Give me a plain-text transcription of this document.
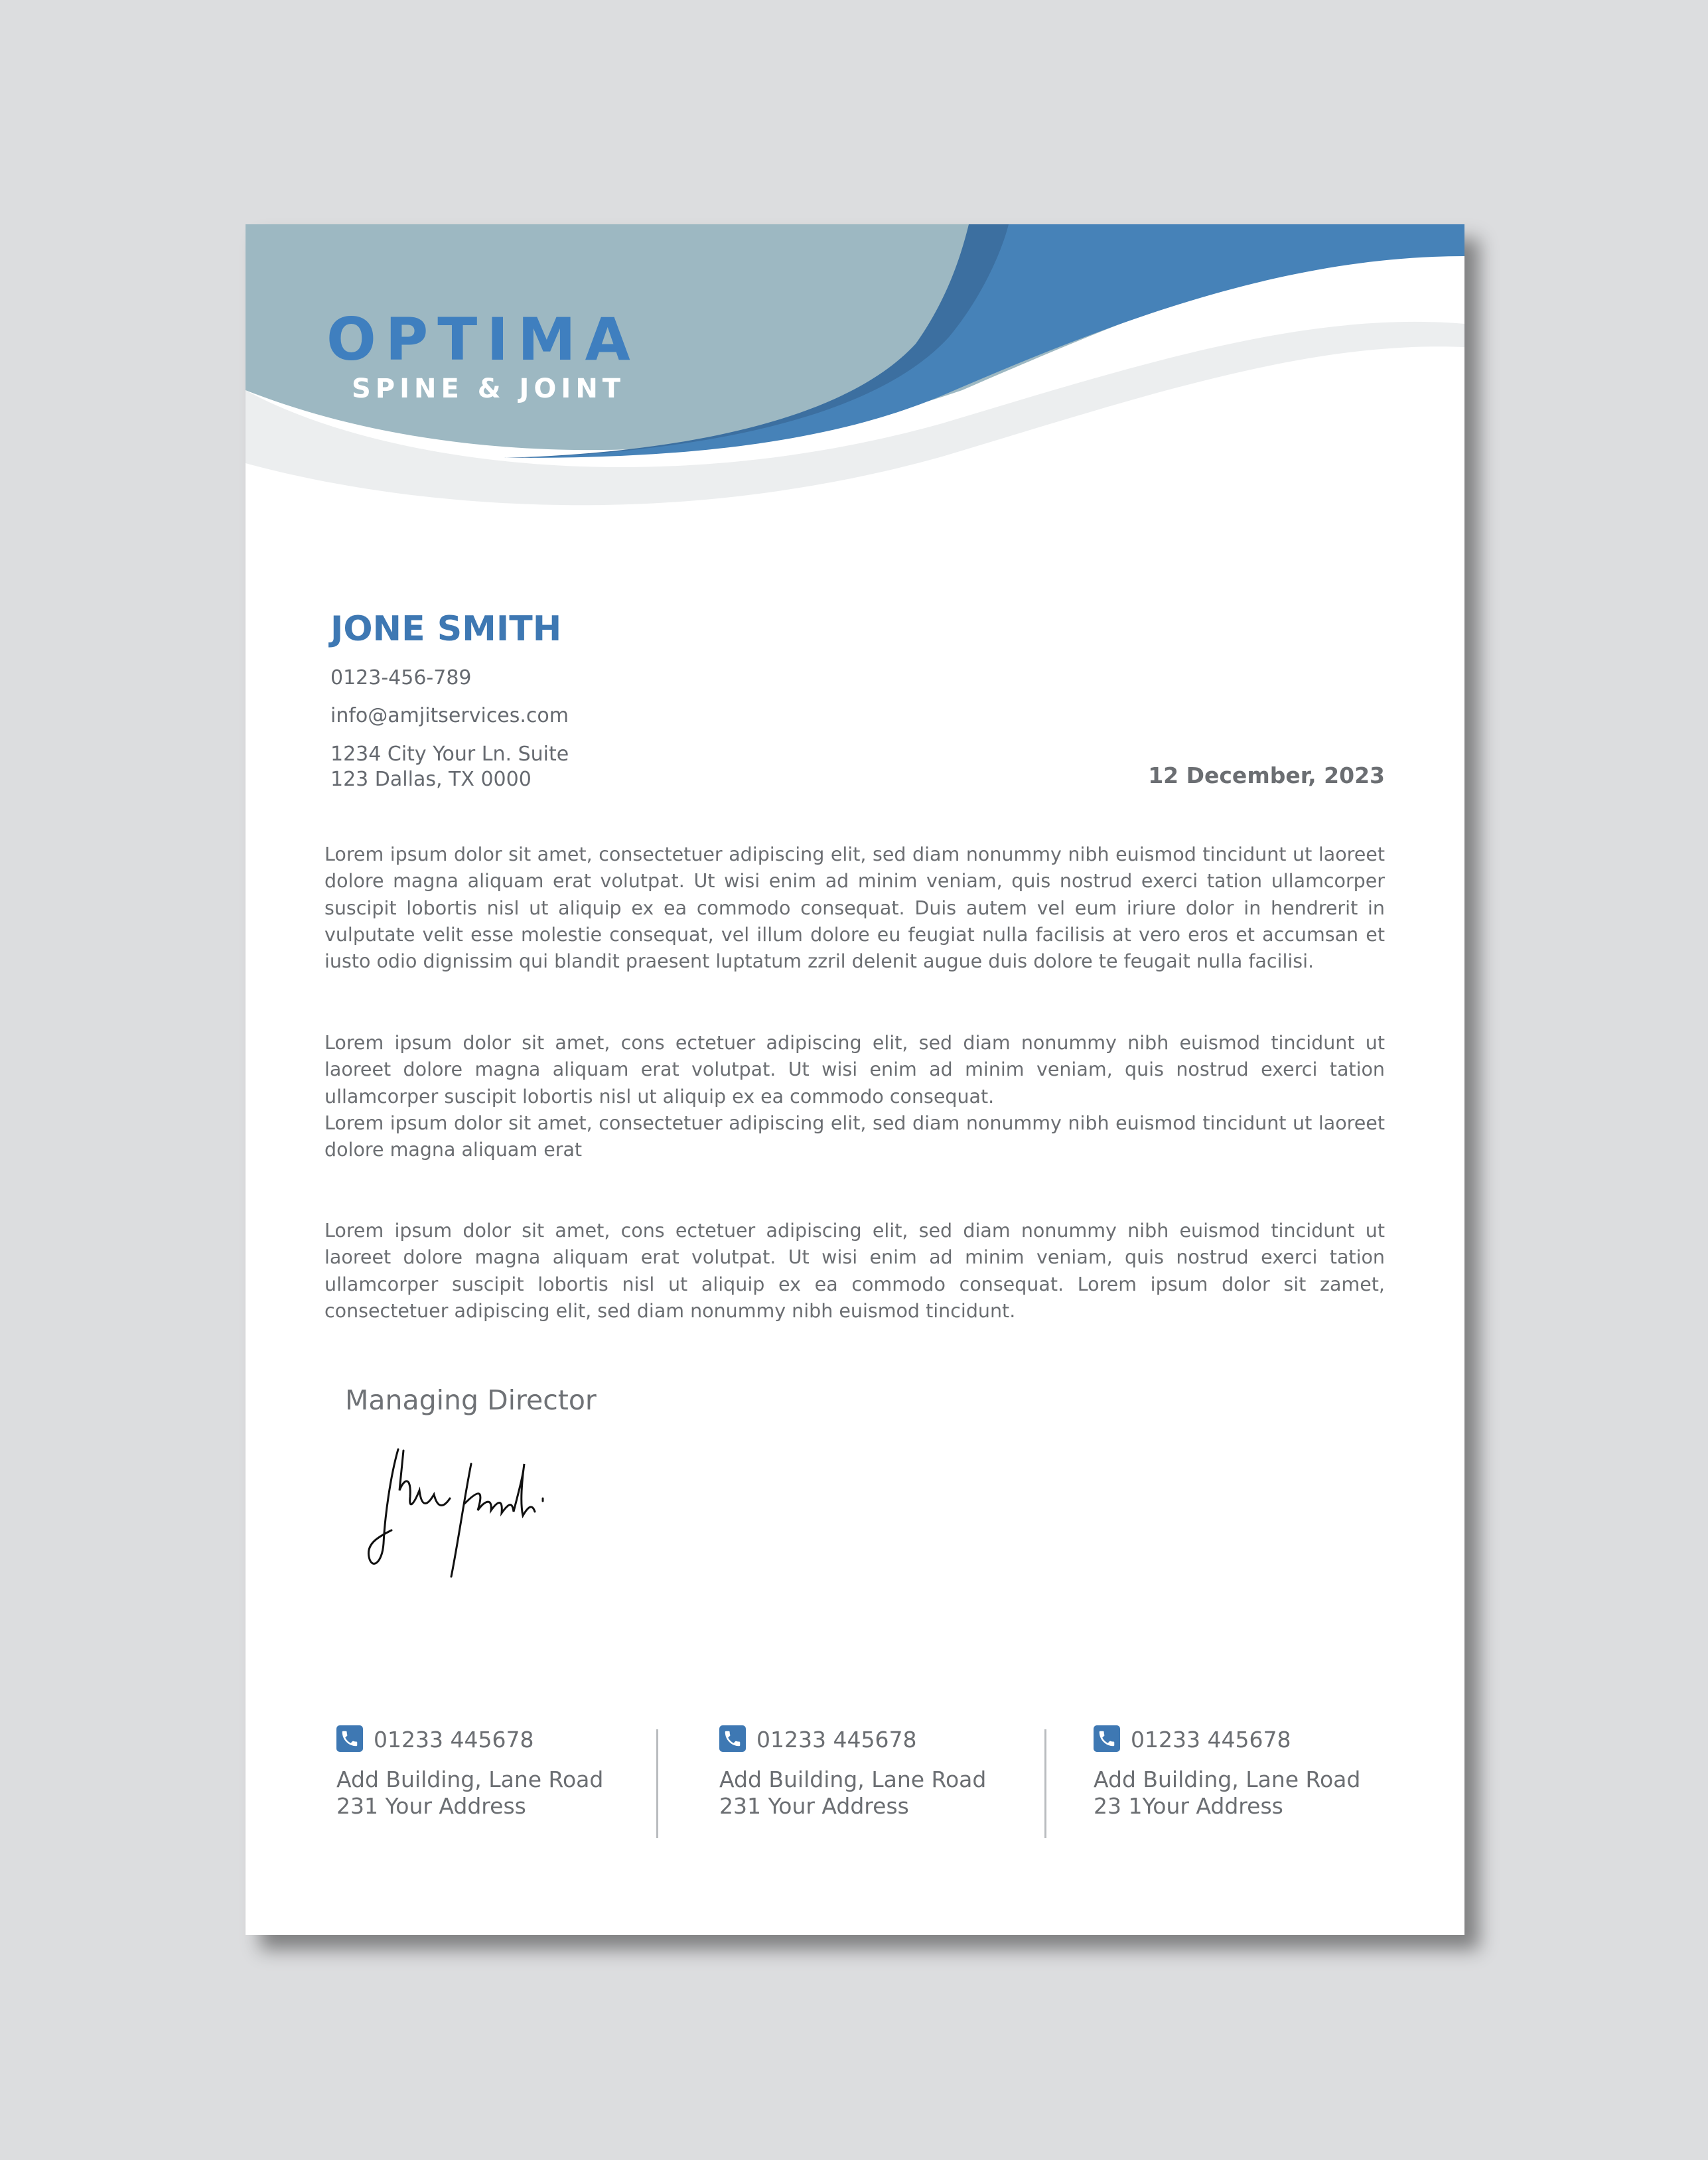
OPTIMA
SPINE & JOINT
JONE SMITH
0123-456-789
info@amjitservices.com
1234 City Your Ln. Suite
123 Dallas, TX 0000	12 December, 2023

Lorem ipsum dolor sit amet, consectetuer adipiscing elit, sed diam nonummy nibh euismod tincidunt ut laoreet dolore magna aliquam erat volutpat. Ut wisi enim ad minim veniam, quis nostrud exerci tation ullamcorper suscipit lobortis nisl ut aliquip ex ea commodo consequat. Duis autem vel eum iriure dolor in hendrerit in vulputate velit esse molestie consequat, vel illum dolore eu feugiat nulla facilisis at vero eros et accumsan et iusto odio dignissim qui blandit praesent luptatum zzril delenit augue duis dolore te feugait nulla facilisi.

Lorem ipsum dolor sit amet, cons ectetuer adipiscing elit, sed diam nonummy nibh euismod tincidunt ut laoreet dolore magna aliquam erat volutpat. Ut wisi enim ad minim veniam, quis nostrud exerci tation ullamcorper suscipit lobortis nisl ut aliquip ex ea commodo consequat.

Lorem ipsum dolor sit amet, consectetuer adipiscing elit, sed diam nonummy nibh euismod tincidunt ut laoreet dolore magna aliquam erat

Lorem ipsum dolor sit amet, cons ectetuer adipiscing elit, sed diam nonummy nibh euismod tincidunt ut laoreet dolore magna aliquam erat volutpat. Ut wisi enim ad minim veniam, quis nostrud exerci tation ullamcorper suscipit lobortis nisl ut aliquip ex ea commodo consequat. Lorem ipsum dolor sit zamet, consectetuer adipiscing elit, sed diam nonummy nibh euismod tincidunt.

Managing Director
01233 445678
Add Building, Lane Road
231 Your Address
01233 445678
Add Building, Lane Road
231 Your Address
01233 445678
Add Building, Lane Road
23 1Your Address
